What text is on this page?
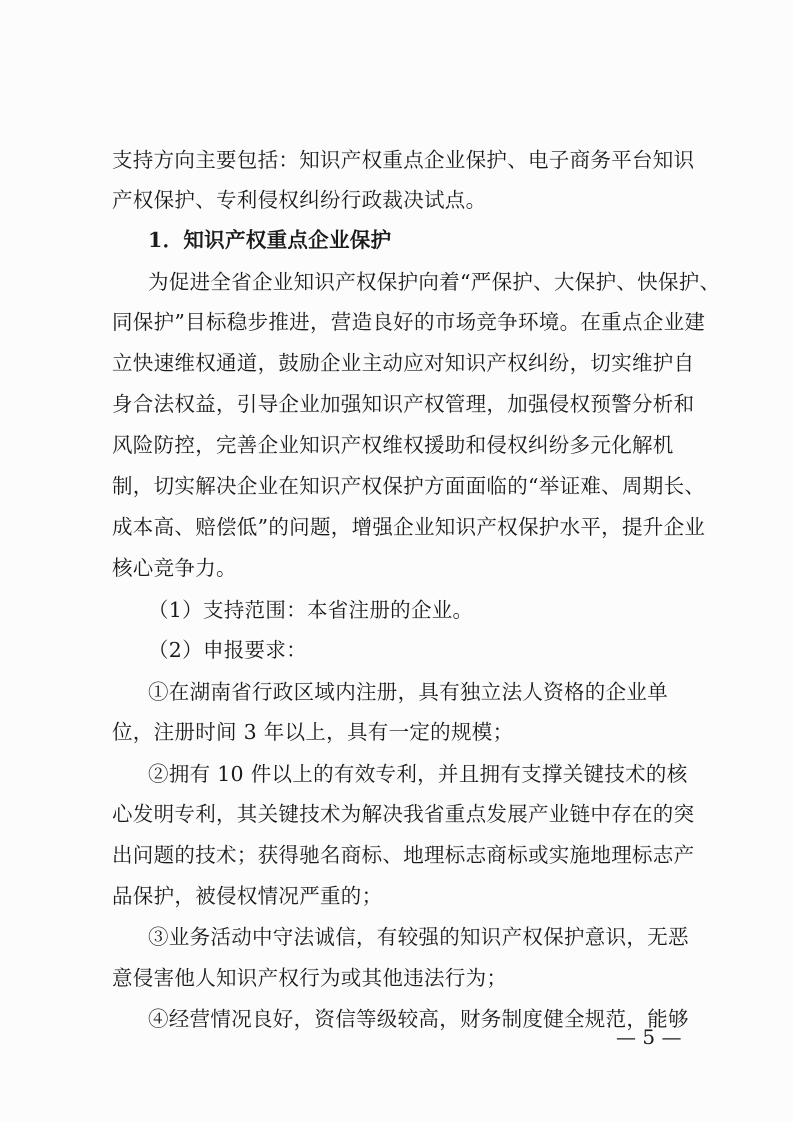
支持方向主要包括：知识产权重点企业保护、电子商务平台知识
产权保护、专利侵权纠纷行政裁决试点。
1．知识产权重点企业保护
为促进全省企业知识产权保护向着“严保护、大保护、快保护、
同保护”目标稳步推进，营造良好的市场竞争环境。在重点企业建
立快速维权通道，鼓励企业主动应对知识产权纠纷，切实维护自
身合法权益，引导企业加强知识产权管理，加强侵权预警分析和
风险防控，完善企业知识产权维权援助和侵权纠纷多元化解机
制，切实解决企业在知识产权保护方面面临的“举证难、周期长、
成本高、赔偿低”的问题，增强企业知识产权保护水平，提升企业
核心竞争力。
（1）支持范围：本省注册的企业。
（2）申报要求：
①在湖南省行政区域内注册，具有独立法人资格的企业单
位，注册时间 3 年以上，具有一定的规模；
②拥有 10 件以上的有效专利，并且拥有支撑关键技术的核
心发明专利，其关键技术为解决我省重点发展产业链中存在的突
出问题的技术；获得驰名商标、地理标志商标或实施地理标志产
品保护，被侵权情况严重的；
③业务活动中守法诚信，有较强的知识产权保护意识，无恶
意侵害他人知识产权行为或其他违法行为；
④经营情况良好，资信等级较高，财务制度健全规范，能够
— 5 —
